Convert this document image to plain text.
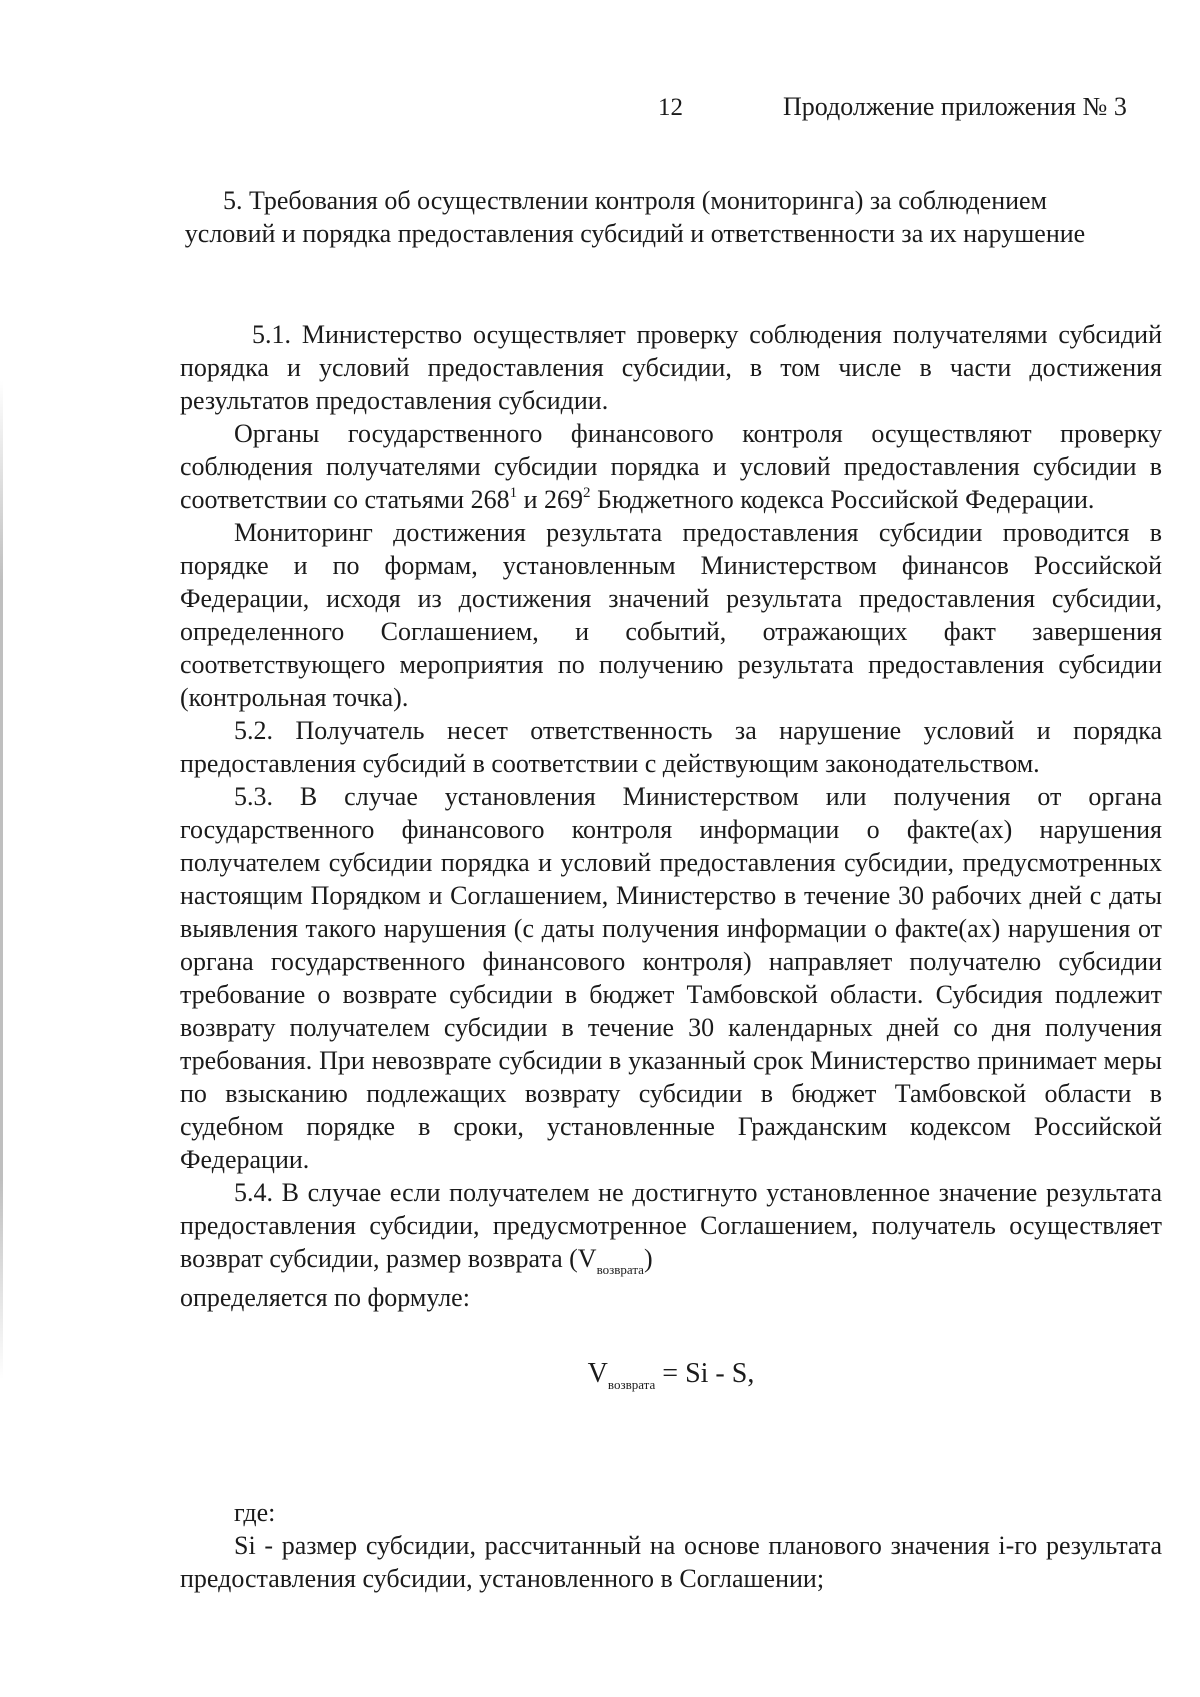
12	Продолжение приложения № 3
5. Требования об осуществлении контроля (мониторинга) за соблюдением условий и порядка предоставления субсидий и ответственности за их нарушение

5.1. Министерство осуществляет проверку соблюдения получателями субсидий порядка и условий предоставления субсидии, в том числе в части достижения результатов предоставления субсидии.

Органы государственного финансового контроля осуществляют проверку соблюдения получателями субсидии порядка и условий предоставления субсидии в соответствии со статьями $268^1$ и $269^2$ Бюджетного кодекса Российской Федерации.

Мониторинг достижения результата предоставления субсидии проводится в порядке и по формам, установленным Министерством финансов Российской Федерации, исходя из достижения значений результата предоставления субсидии, определенного Соглашением, и событий, отражающих факт завершения соответствующего мероприятия по получению результата предоставления субсидии (контрольная точка).

5.2. Получатель несет ответственность за нарушение условий и порядка предоставления субсидий в соответствии с действующим законодательством.

5.3. В случае установления Министерством или получения от органа государственного финансового контроля информации о факте(ах) нарушения получателем субсидии порядка и условий предоставления субсидии, предусмотренных настоящим Порядком и Соглашением, Министерство в течение 30 рабочих дней с даты выявления такого нарушения (с даты получения информации о факте(ах) нарушения от органа государственного финансового контроля) направляет получателю субсидии требование о возврате субсидии в бюджет Тамбовской области. Субсидия подлежит возврату получателем субсидии в течение 30 календарных дней со дня получения требования. При невозврате субсидии в указанный срок Министерство принимает меры по взысканию подлежащих возврату субсидии в бюджет Тамбовской области в судебном порядке в сроки, установленные Гражданским кодексом Российской Федерации.

5.4. В случае если получателем не достигнуто установленное значение результата предоставления субсидии, предусмотренное Соглашением, получатель осуществляет возврат субсидии, размер возврата $(V_{возврата})$

определяется по формуле:

$V_{возврата} = Si - S$,

где:

Si - размер субсидии, рассчитанный на основе планового значения i-го результата предоставления субсидии, установленного в Соглашении;
